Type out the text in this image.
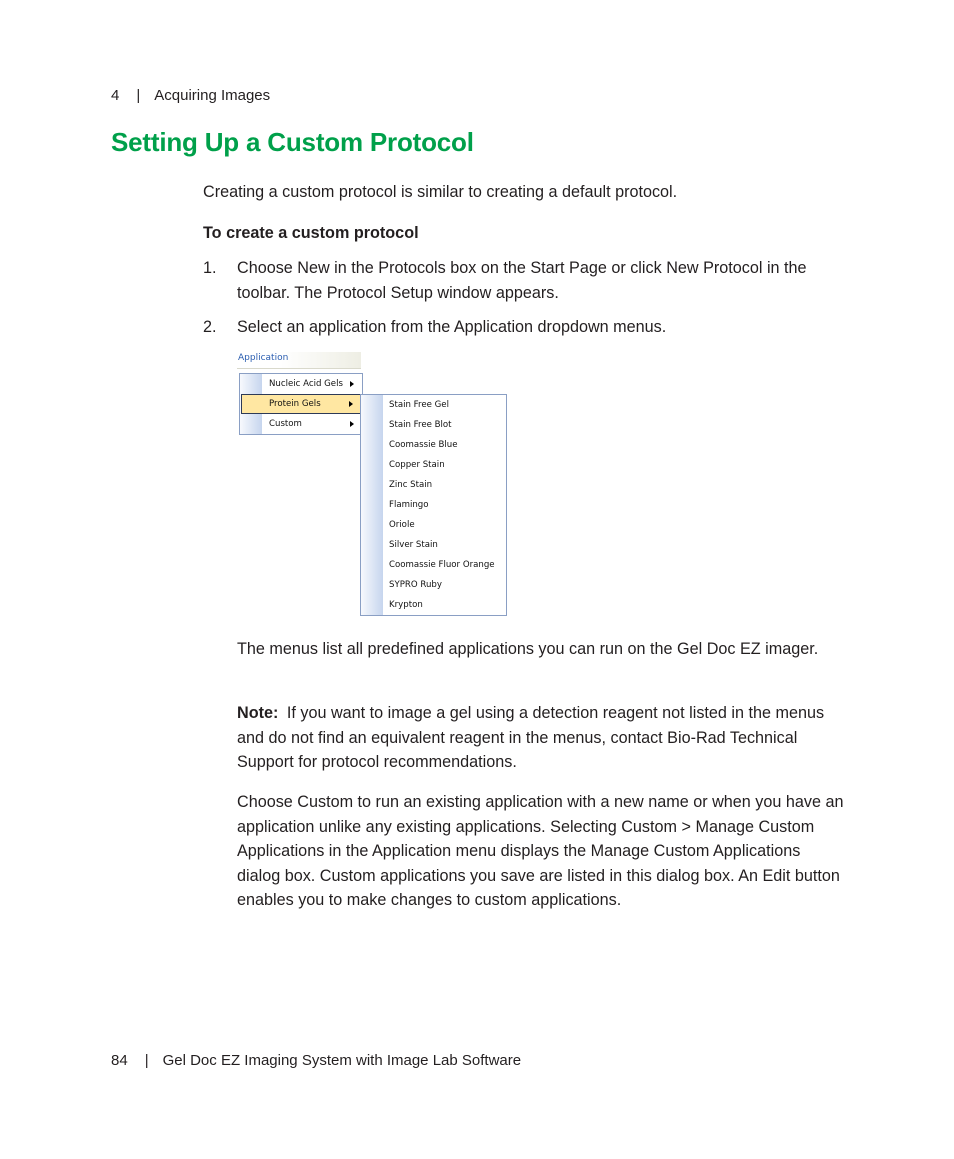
4 | Acquiring Images
Setting Up a Custom Protocol
Creating a custom protocol is similar to creating a default protocol.
To create a custom protocol
1. Choose New in the Protocols box on the Start Page or click New Protocol in the toolbar. The Protocol Setup window appears.
2. Select an application from the Application dropdown menus.
Application
Nucleic Acid Gels
Protein Gels
Custom
Stain Free Gel
Stain Free Blot
Coomassie Blue
Copper Stain
Zinc Stain
Flamingo
Oriole
Silver Stain
Coomassie Fluor Orange
SYPRO Ruby
Krypton
The menus list all predefined applications you can run on the Gel Doc EZ imager.
Note: If you want to image a gel using a detection reagent not listed in the menus and do not find an equivalent reagent in the menus, contact Bio-Rad Technical Support for protocol recommendations.
Choose Custom to run an existing application with a new name or when you have an application unlike any existing applications. Selecting Custom > Manage Custom Applications in the Application menu displays the Manage Custom Applications dialog box. Custom applications you save are listed in this dialog box. An Edit button enables you to make changes to custom applications.
84 | Gel Doc EZ Imaging System with Image Lab Software
